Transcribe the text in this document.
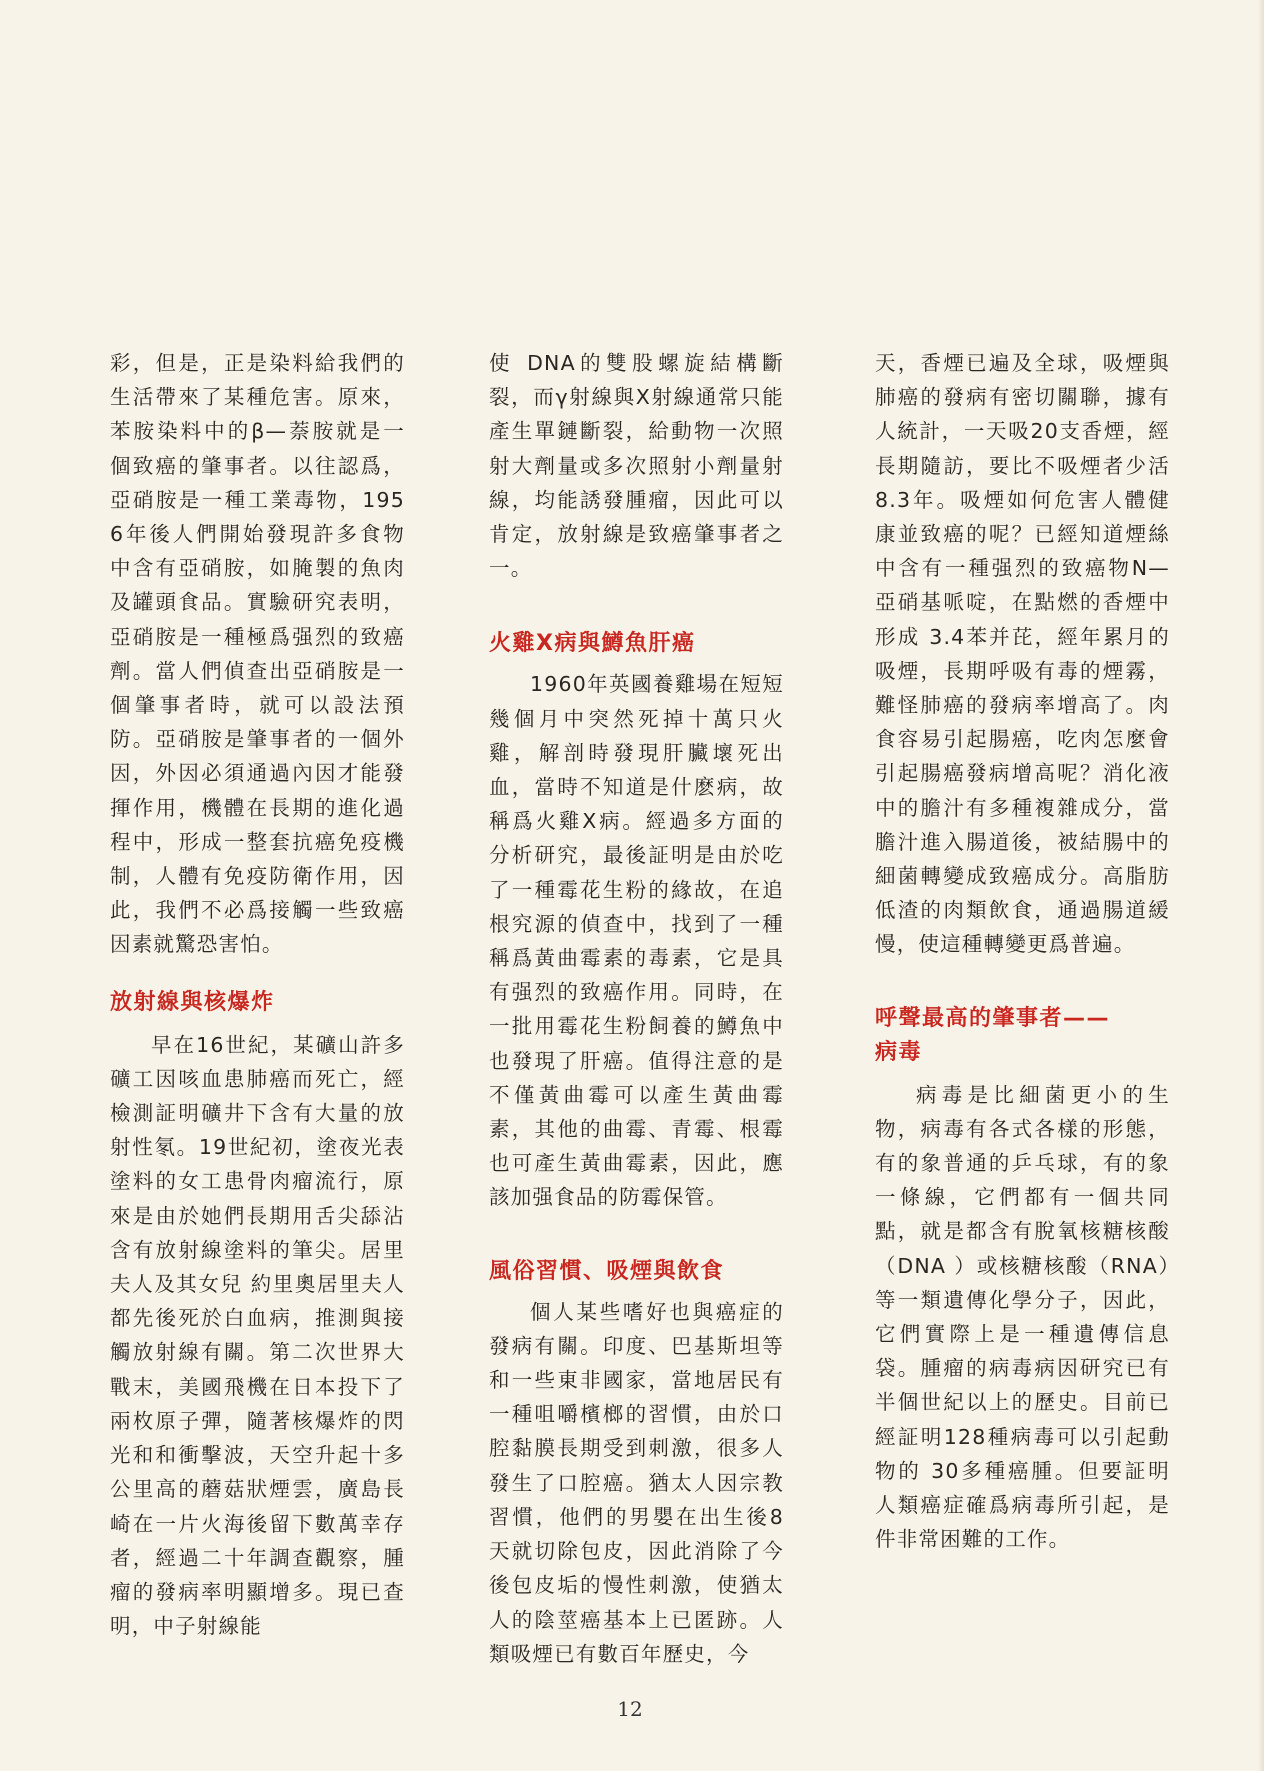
彩，但是，正是染料給我們的生活帶來了某種危害。原來，苯胺染料中的β—萘胺就是一個致癌的肇事者。以往認爲，亞硝胺是一種工業毒物，1956年後人們開始發現許多食物中含有亞硝胺，如腌製的魚肉及罐頭食品。實驗研究表明，亞硝胺是一種極爲强烈的致癌劑。當人們偵查出亞硝胺是一個肇事者時，就可以設法預防。亞硝胺是肇事者的一個外因，外因必須通過內因才能發揮作用，機體在長期的進化過程中，形成一整套抗癌免疫機制，人體有免疫防衛作用，因此，我們不必爲接觸一些致癌因素就驚恐害怕。

放射線與核爆炸

早在16世紀，某礦山許多礦工因咳血患肺癌而死亡，經檢測証明礦井下含有大量的放射性氡。19世紀初，塗夜光表塗料的女工患骨肉瘤流行，原來是由於她們長期用舌尖舔沾含有放射線塗料的筆尖。居里夫人及其女兒 約里奧居里夫人都先後死於白血病，推測與接觸放射線有關。第二次世界大戰末，美國飛機在日本投下了兩枚原子彈，隨著核爆炸的閃光和和衝擊波，天空升起十多公里高的蘑菇狀煙雲，廣島長崎在一片火海後留下數萬幸存者，經過二十年調查觀察，腫瘤的發病率明顯增多。現已查明，中子射線能

使 DNA的雙股螺旋結構斷裂，而γ射線與X射線通常只能產生單鏈斷裂，給動物一次照射大劑量或多次照射小劑量射線，均能誘發腫瘤，因此可以肯定，放射線是致癌肇事者之一。

火雞X病與鱒魚肝癌

1960年英國養雞場在短短幾個月中突然死掉十萬只火雞，解剖時發現肝臟壞死出血，當時不知道是什麽病，故稱爲火雞X病。經過多方面的分析研究，最後証明是由於吃了一種霉花生粉的緣故，在追根究源的偵查中，找到了一種稱爲黃曲霉素的毒素，它是具有强烈的致癌作用。同時，在一批用霉花生粉飼養的鱒魚中也發現了肝癌。值得注意的是不僅黃曲霉可以產生黃曲霉素，其他的曲霉、青霉、根霉也可產生黃曲霉素，因此，應該加强食品的防霉保管。

風俗習慣、吸煙與飲食

個人某些嗜好也與癌症的發病有關。印度、巴基斯坦等和一些東非國家，當地居民有一種咀嚼檳榔的習慣，由於口腔黏膜長期受到刺激，很多人發生了口腔癌。猶太人因宗教習慣，他們的男嬰在出生後8天就切除包皮，因此消除了今後包皮垢的慢性刺激，使猶太人的陰莖癌基本上已匿跡。人類吸煙已有數百年歷史，今

天，香煙已遍及全球，吸煙與肺癌的發病有密切關聯，據有人統計，一天吸20支香煙，經長期隨訪，要比不吸煙者少活 8.3年。吸煙如何危害人體健康並致癌的呢？已經知道煙絲中含有一種强烈的致癌物N—亞硝基哌啶，在點燃的香煙中形成 3.4苯并芘，經年累月的吸煙，長期呼吸有毒的煙霧，難怪肺癌的發病率增高了。肉食容易引起腸癌，吃肉怎麼會引起腸癌發病增高呢？消化液中的膽汁有多種複雜成分，當膽汁進入腸道後，被結腸中的細菌轉變成致癌成分。高脂肪低渣的肉類飲食，通過腸道緩慢，使這種轉變更爲普遍。

呼聲最高的肇事者——
病毒

病毒是比細菌更小的生物，病毒有各式各樣的形態，有的象普通的乒乓球，有的象一條線，它們都有一個共同點，就是都含有脫氧核糖核酸（DNA ）或核糖核酸（RNA）等一類遺傳化學分子，因此，它們實際上是一種遺傳信息袋。腫瘤的病毒病因研究已有半個世紀以上的歷史。目前已經証明128種病毒可以引起動物的 30多種癌腫。但要証明人類癌症確爲病毒所引起，是件非常困難的工作。

12
